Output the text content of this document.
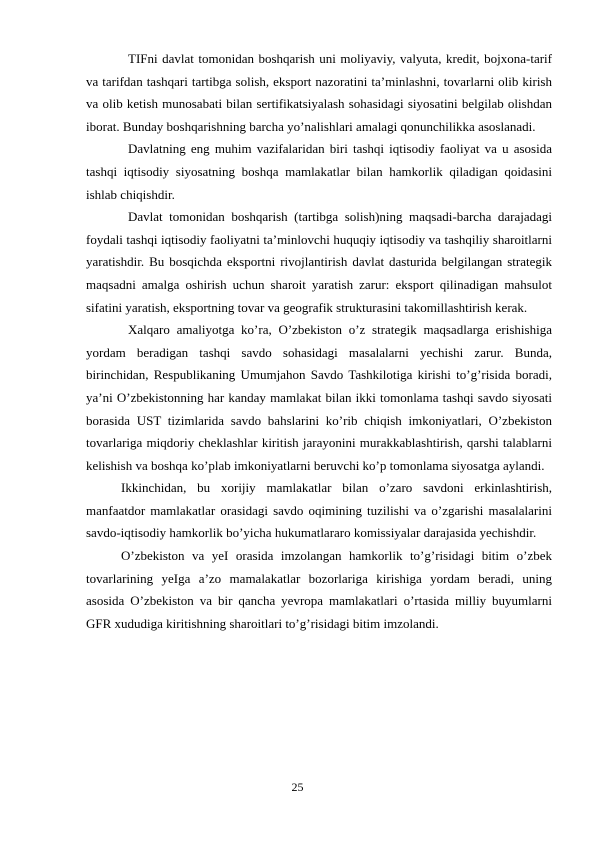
TIFni davlat tomonidan boshqarish uni moliyaviy, valyuta, kredit, bojxona-tarif va tarifdan tashqari tartibga solish, eksport nazoratini ta’minlashni, tovarlarni olib kirish va olib ketish munosabati bilan sertifikatsiyalash sohasidagi siyosatini belgilab olishdan iborat. Bunday boshqarishning barcha yo’nalishlari amalagi qonunchilikka asoslanadi.

Davlatning eng muhim vazifalaridan biri tashqi iqtisodiy faoliyat va u asosida tashqi iqtisodiy siyosatning boshqa mamlakatlar bilan hamkorlik qiladigan qoidasini ishlab chiqishdir.

Davlat tomonidan boshqarish (tartibga solish)ning maqsadi-barcha darajadagi foydali tashqi iqtisodiy faoliyatni ta’minlovchi huquqiy iqtisodiy va tashqiliy sharoitlarni yaratishdir. Bu bosqichda eksportni rivojlantirish davlat dasturida belgilangan strategik maqsadni amalga oshirish uchun sharoit yaratish zarur: eksport qilinadigan mahsulot sifatini yaratish, eksportning tovar va geografik strukturasini takomillashtirish kerak.

Xalqaro amaliyotga ko’ra, O’zbekiston o’z strategik maqsadlarga erishishiga yordam beradigan tashqi savdo sohasidagi masalalarni yechishi zarur. Bunda, birinchidan, Respublikaning Umumjahon Savdo Tashkilotiga kirishi to’g’risida boradi, ya’ni O’zbekistonning har kanday mamlakat bilan ikki tomonlama tashqi savdo siyosati borasida UST tizimlarida savdo bahslarini ko’rib chiqish imkoniyatlari, O’zbekiston tovarlariga miqdoriy cheklashlar kiritish jarayonini murakkablashtirish, qarshi talablarni kelishish va boshqa ko’plab imkoniyatlarni beruvchi ko’p tomonlama siyosatga aylandi.

Ikkinchidan, bu xorijiy mamlakatlar bilan o’zaro savdoni erkinlashtirish, manfaatdor mamlakatlar orasidagi savdo oqimining tuzilishi va o’zgarishi masalalarini savdo-iqtisodiy hamkorlik bo’yicha hukumatlararo komissiyalar darajasida yechishdir.

O’zbekiston va yeI orasida imzolangan hamkorlik to’g’risidagi bitim o’zbek tovarlarining yeIga a’zo mamalakatlar bozorlariga kirishiga yordam beradi, uning asosida O’zbekiston va bir qancha yevropa mamlakatlari o’rtasida milliy buyumlarni GFR xududiga kiritishning sharoitlari to’g’risidagi bitim imzolandi.

25
